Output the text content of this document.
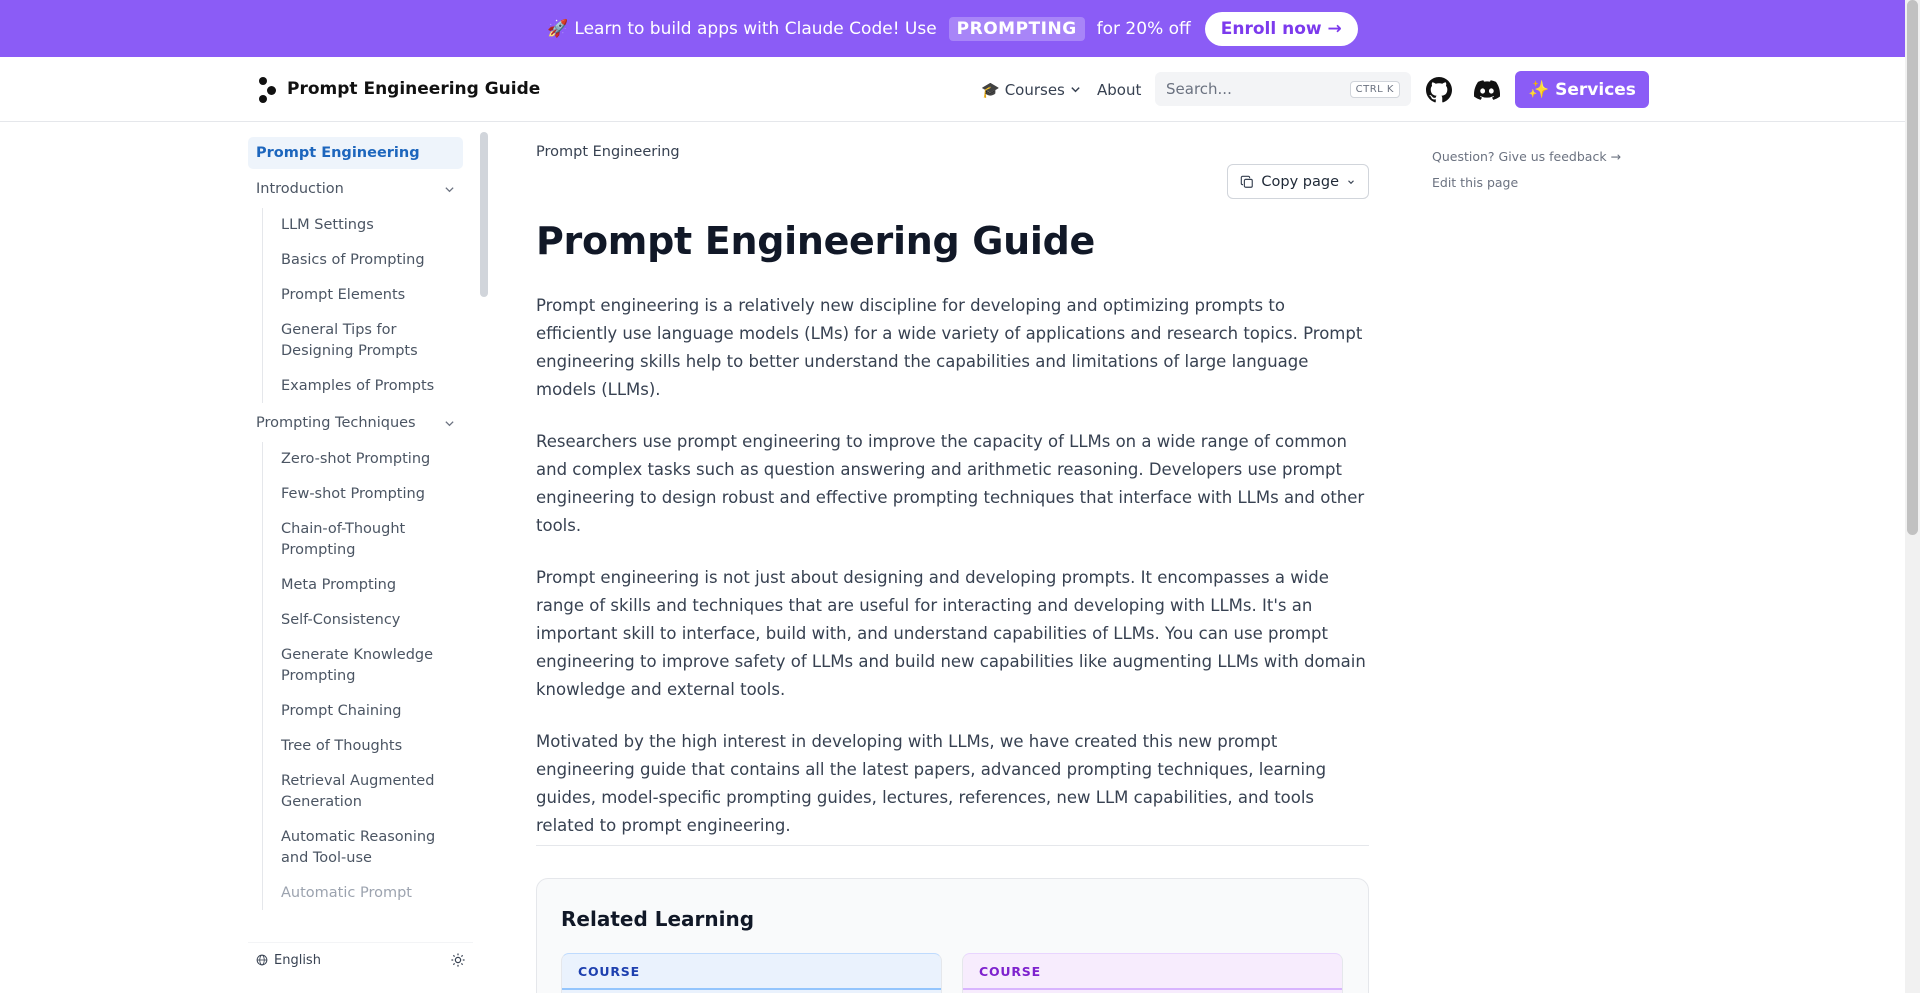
🚀 Learn to build apps with Claude Code! Use	PROMPTING	for 20% off	Enroll now →
Prompt Engineering Guide	🎓 Courses About Search...	CTRL K	✨ Services
Prompt Engineering
Introduction
LLM Settings
Basics of Prompting
Prompt Elements
General Tips for Designing Prompts
Examples of Prompts
Prompting Techniques
Zero-shot Prompting
Few-shot Prompting
Chain-of-Thought Prompting
Meta Prompting
Self-Consistency
Generate Knowledge Prompting
Prompt Chaining
Tree of Thoughts
Retrieval Augmented Generation
Automatic Reasoning and Tool-use
Automatic Prompt
English
Prompt Engineering
Copy page
Prompt Engineering Guide

Prompt engineering is a relatively new discipline for developing and optimizing prompts to efficiently use language models (LMs) for a wide variety of applications and research topics. Prompt engineering skills help to better understand the capabilities and limitations of large language models (LLMs).

Researchers use prompt engineering to improve the capacity of LLMs on a wide range of common and complex tasks such as question answering and arithmetic reasoning. Developers use prompt engineering to design robust and effective prompting techniques that interface with LLMs and other tools.

Prompt engineering is not just about designing and developing prompts. It encompasses a wide range of skills and techniques that are useful for interacting and developing with LLMs. It's an important skill to interface, build with, and understand capabilities of LLMs. You can use prompt engineering to improve safety of LLMs and build new capabilities like augmenting LLMs with domain knowledge and external tools.

Motivated by the high interest in developing with LLMs, we have created this new prompt engineering guide that contains all the latest papers, advanced prompting techniques, learning guides, model-specific prompting guides, lectures, references, new LLM capabilities, and tools related to prompt engineering.

Related Learning
COURSE	COURSE
Question? Give us feedback →
Edit this page
